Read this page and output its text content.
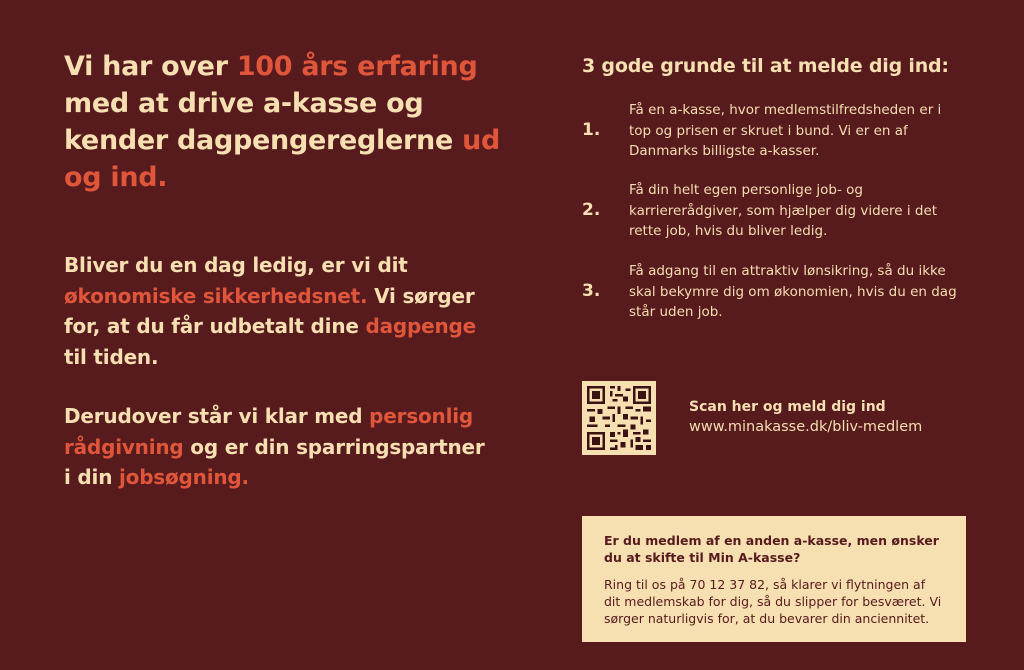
Vi har over 100 års erfaring med at drive a-kasse og kender dagpengereglerne ud og ind.

Bliver du en dag ledig, er vi dit økonomiske sikkerhedsnet. Vi sørger for, at du får udbetalt dine dagpenge til tiden.

Derudover står vi klar med personlig rådgivning og er din sparringspartner i din jobsøgning.

3 gode grunde til at melde dig ind:
1.
Få en a-kasse, hvor medlemstilfredsheden er i top og prisen er skruet i bund. Vi er en af Danmarks billigste a-kasser.
2.
Få din helt egen personlige job- og karriererådgiver, som hjælper dig videre i det rette job, hvis du bliver ledig.
3.
Få adgang til en attraktiv lønsikring, så du ikke skal bekymre dig om økonomien, hvis du en dag står uden job.

Scan her og meld dig ind

www.minakasse.dk/bliv-medlem

Er du medlem af en anden a-kasse, men ønsker du at skifte til Min A-kasse?

Ring til os på 70 12 37 82, så klarer vi flytningen af dit medlemskab for dig, så du slipper for besværet. Vi sørger naturligvis for, at du bevarer din anciennitet.
